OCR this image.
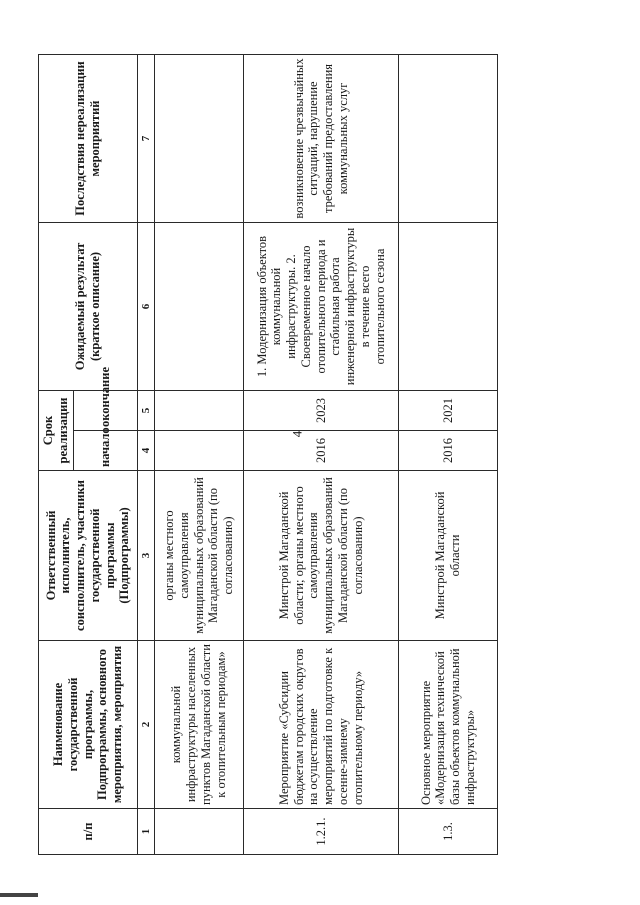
4
п/п	Наименование государственной программы, Подпрограммы, основного мероприятия, мероприятия	Ответственный исполнитель, соисполнитель, участники государственной программы (Подпрограммы)	Срок реализации		Ожидаемый результат (краткое описание)	Последствия нереализации мероприятий
			начало	окончание		
1	2	3	4	5	6	7
	коммунальной инфраструктуры населенных пунктов Магаданской области к отопительным периодам»	органы местного самоуправления муниципальных образований Магаданской области (по согласованию)				
1.2.1.	Мероприятие «Субсидии бюджетам городских округов на осуществление мероприятий по подготовке к осенне-зимнему отопительному периоду»	Минстрой Магаданской области; органы местного самоуправления муниципальных образований Магаданской области (по согласованию)	2016	2023	1. Модернизация объектов коммунальной инфраструктуры. 2. Своевременное начало отопительного периода и стабильная работа инженерной инфраструктуры в течение всего отопительного сезона	возникновение чрезвычайных ситуаций, нарушение требований предоставления коммунальных услуг
1.3.	Основное мероприятие «Модернизация технической базы объектов коммунальной инфраструктуры»	Минстрой Магаданской области	2016	2021		
